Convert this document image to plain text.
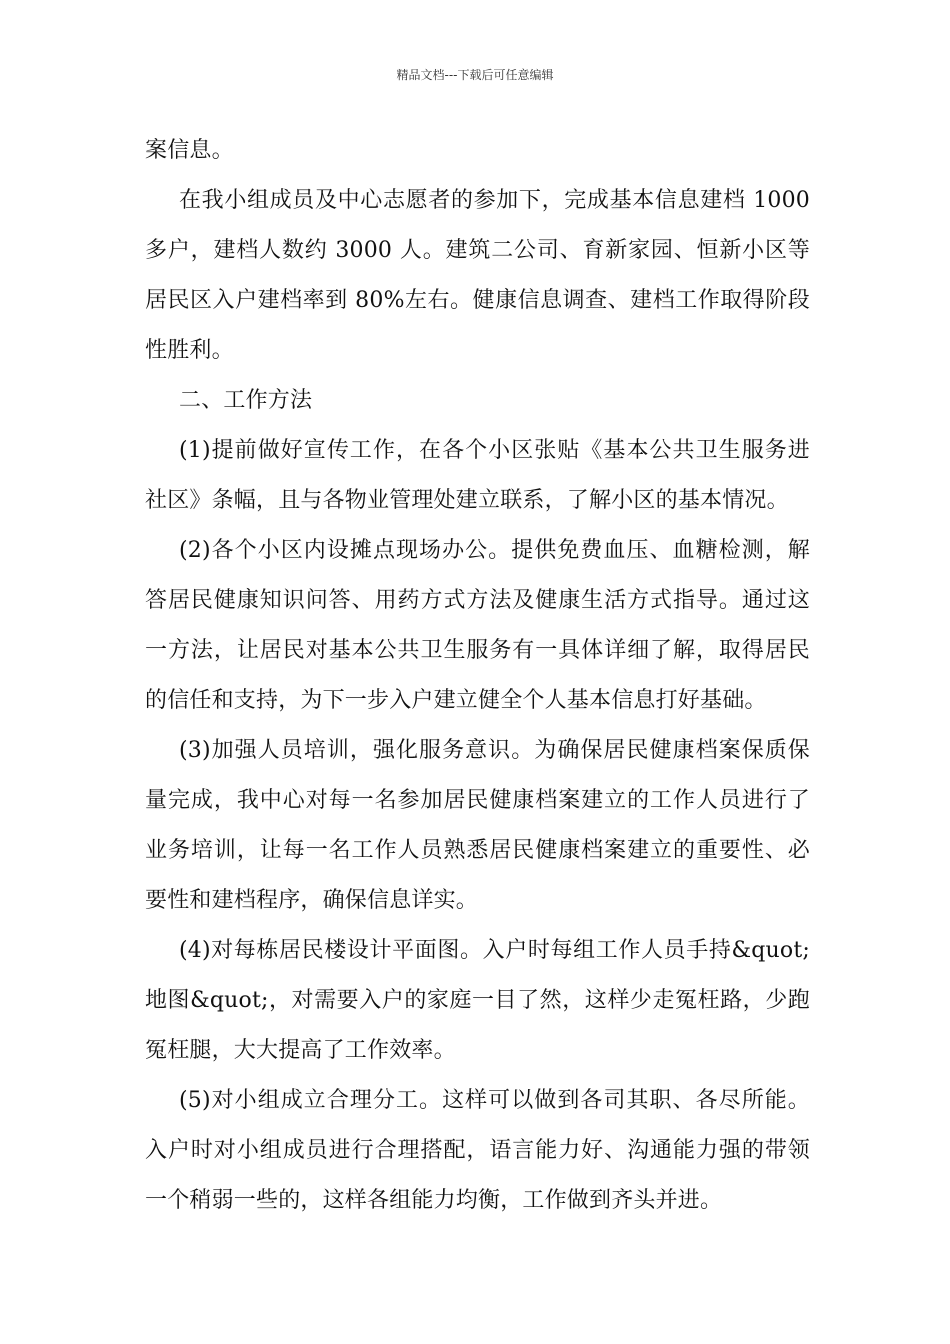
精品文档---下载后可任意编辑

案信息。

在我小组成员及中心志愿者的参加下，完成基本信息建档 1000 多户，建档人数约 3000 人。建筑二公司、育新家园、恒新小区等居民区入户建档率到 80%左右。健康信息调查、建档工作取得阶段性胜利。

二、工作方法

(1)提前做好宣传工作，在各个小区张贴《基本公共卫生服务进社区》条幅，且与各物业管理处建立联系，了解小区的基本情况。

(2)各个小区内设摊点现场办公。提供免费血压、血糖检测，解答居民健康知识问答、用药方式方法及健康生活方式指导。通过这一方法，让居民对基本公共卫生服务有一具体详细了解，取得居民的信任和支持，为下一步入户建立健全个人基本信息打好基础。

(3)加强人员培训，强化服务意识。为确保居民健康档案保质保量完成，我中心对每一名参加居民健康档案建立的工作人员进行了业务培训，让每一名工作人员熟悉居民健康档案建立的重要性、必要性和建档程序，确保信息详实。

(4)对每栋居民楼设计平面图。入户时每组工作人员手持&quot;地图&quot;，对需要入户的家庭一目了然，这样少走冤枉路，少跑冤枉腿，大大提高了工作效率。

(5)对小组成立合理分工。这样可以做到各司其职、各尽所能。入户时对小组成员进行合理搭配，语言能力好、沟通能力强的带领一个稍弱一些的，这样各组能力均衡，工作做到齐头并进。
